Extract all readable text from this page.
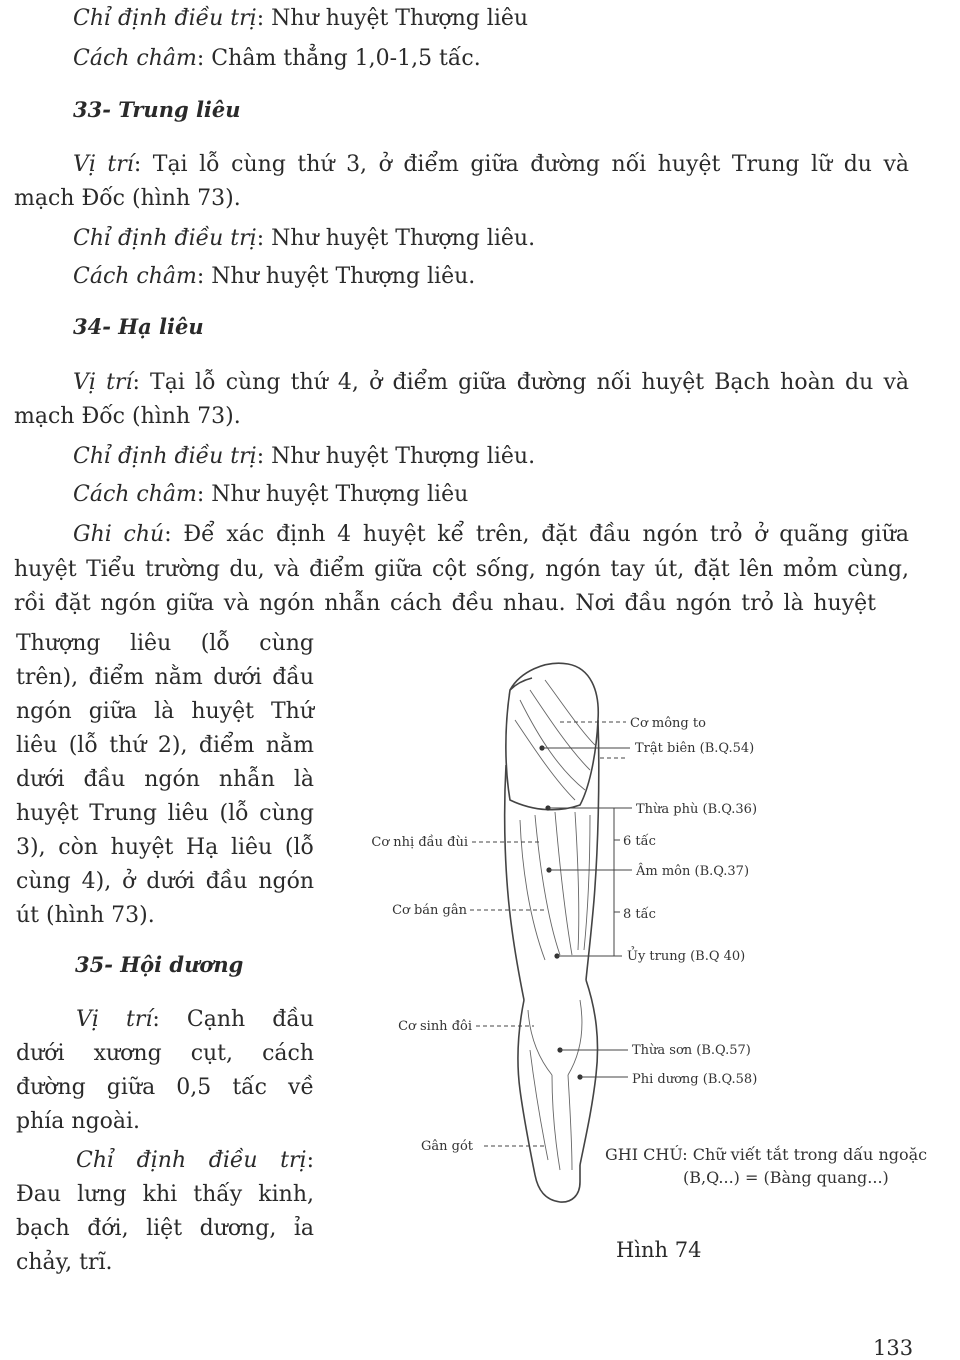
Chỉ định điều trị: Như huyệt Thượng liêu
Cách châm: Châm thẳng 1,0-1,5 tấc.
33- Trung liêu
Vị trí: Tại lỗ cùng thứ 3, ở điểm giữa đường nối huyệt Trung lữ du và
mạch Đốc (hình 73).
Chỉ định điều trị: Như huyệt Thượng liêu.
Cách châm: Như huyệt Thượng liêu.
34- Hạ liêu
Vị trí: Tại lỗ cùng thứ 4, ở điểm giữa đường nối huyệt Bạch hoàn du và
mạch Đốc (hình 73).
Chỉ định điều trị: Như huyệt Thượng liêu.
Cách châm: Như huyệt Thượng liêu
Ghi chú: Để xác định 4 huyệt kể trên, đặt đầu ngón trỏ ở quãng giữa
huyệt Tiểu trường du, và điểm giữa cột sống, ngón tay út, đặt lên mỏm cùng,
rồi đặt ngón giữa và ngón nhẫn cách đều nhau. Nơi đầu ngón trỏ là huyệt
Thượng liêu (lỗ cùng
trên), điểm nằm dưới đầu
ngón giữa là huyệt Thứ
liêu (lỗ thứ 2), điểm nằm
dưới đầu ngón nhẫn là
huyệt Trung liêu (lỗ cùng
3), còn huyệt Hạ liêu (lỗ
cùng 4), ở dưới đầu ngón
út (hình 73).
35- Hội dương
Vị trí: Cạnh đầu
dưới xương cụt, cách
đường giữa 0,5 tấc về
phía ngoài.
Chỉ định điều trị:
Đau lưng khi thấy kinh,
bạch đới, liệt dương, ỉa
chảy, trĩ.
Cơ mông to
Trật biên (B.Q.54)
Thừa phù (B.Q.36)
6 tấc
Âm môn (B.Q.37)
8 tấc
Ủy trung (B.Q 40)
Thừa sơn (B.Q.57)
Phi dương (B.Q.58)
Cơ nhị đầu đùi
Cơ bán gân
Cơ sinh đôi
Gân gót	GHI CHÚ: Chữ viết tắt trong dấu ngoặc
(B,Q...) = (Bàng quang...)
Hình 74
133
